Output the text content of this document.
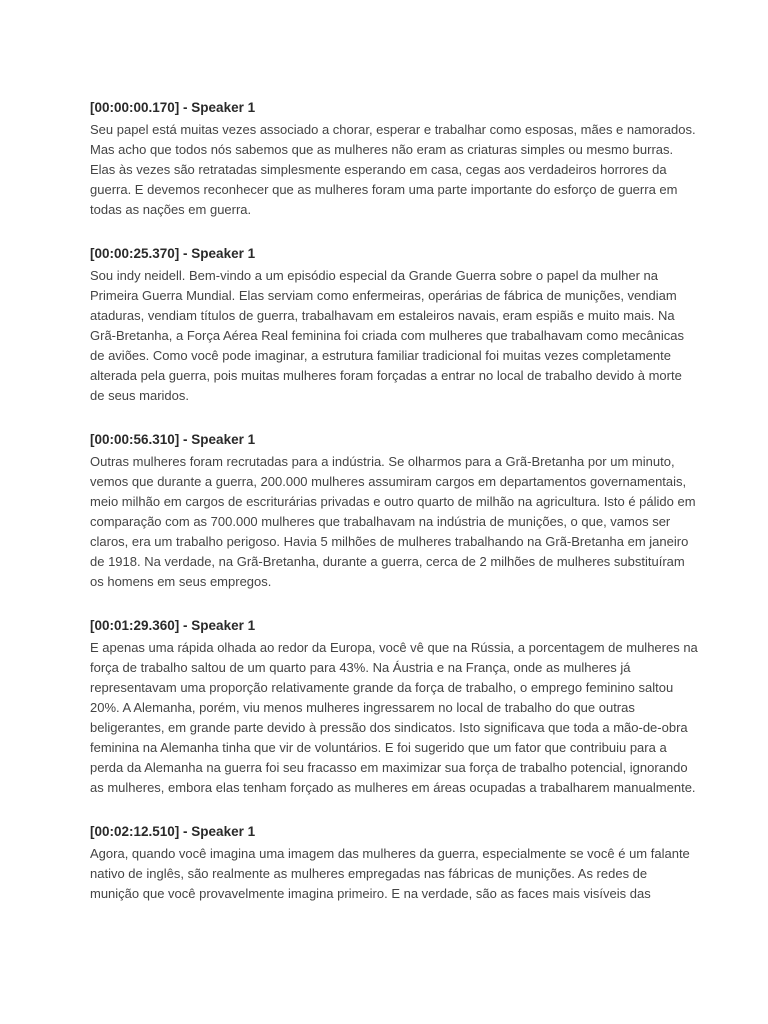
[00:00:00.170] - Speaker 1

Seu papel está muitas vezes associado a chorar, esperar e trabalhar como esposas, mães e namorados.
Mas acho que todos nós sabemos que as mulheres não eram as criaturas simples ou mesmo burras.
Elas às vezes são retratadas simplesmente esperando em casa, cegas aos verdadeiros horrores da
guerra. E devemos reconhecer que as mulheres foram uma parte importante do esforço de guerra em
todas as nações em guerra.

[00:00:25.370] - Speaker 1

Sou indy neidell. Bem-vindo a um episódio especial da Grande Guerra sobre o papel da mulher na
Primeira Guerra Mundial. Elas serviam como enfermeiras, operárias de fábrica de munições, vendiam
ataduras, vendiam títulos de guerra, trabalhavam em estaleiros navais, eram espiãs e muito mais. Na
Grã-Bretanha, a Força Aérea Real feminina foi criada com mulheres que trabalhavam como mecânicas
de aviões. Como você pode imaginar, a estrutura familiar tradicional foi muitas vezes completamente
alterada pela guerra, pois muitas mulheres foram forçadas a entrar no local de trabalho devido à morte
de seus maridos.

[00:00:56.310] - Speaker 1

Outras mulheres foram recrutadas para a indústria. Se olharmos para a Grã-Bretanha por um minuto,
vemos que durante a guerra, 200.000 mulheres assumiram cargos em departamentos governamentais,
meio milhão em cargos de escriturárias privadas e outro quarto de milhão na agricultura. Isto é pálido em
comparação com as 700.000 mulheres que trabalhavam na indústria de munições, o que, vamos ser
claros, era um trabalho perigoso. Havia 5 milhões de mulheres trabalhando na Grã-Bretanha em janeiro
de 1918. Na verdade, na Grã-Bretanha, durante a guerra, cerca de 2 milhões de mulheres substituíram
os homens em seus empregos.

[00:01:29.360] - Speaker 1

E apenas uma rápida olhada ao redor da Europa, você vê que na Rússia, a porcentagem de mulheres na
força de trabalho saltou de um quarto para 43%. Na Áustria e na França, onde as mulheres já
representavam uma proporção relativamente grande da força de trabalho, o emprego feminino saltou
20%. A Alemanha, porém, viu menos mulheres ingressarem no local de trabalho do que outras
beligerantes, em grande parte devido à pressão dos sindicatos. Isto significava que toda a mão-de-obra
feminina na Alemanha tinha que vir de voluntários. E foi sugerido que um fator que contribuiu para a
perda da Alemanha na guerra foi seu fracasso em maximizar sua força de trabalho potencial, ignorando
as mulheres, embora elas tenham forçado as mulheres em áreas ocupadas a trabalharem manualmente.

[00:02:12.510] - Speaker 1

Agora, quando você imagina uma imagem das mulheres da guerra, especialmente se você é um falante
nativo de inglês, são realmente as mulheres empregadas nas fábricas de munições. As redes de
munição que você provavelmente imagina primeiro. E na verdade, são as faces mais visíveis das
